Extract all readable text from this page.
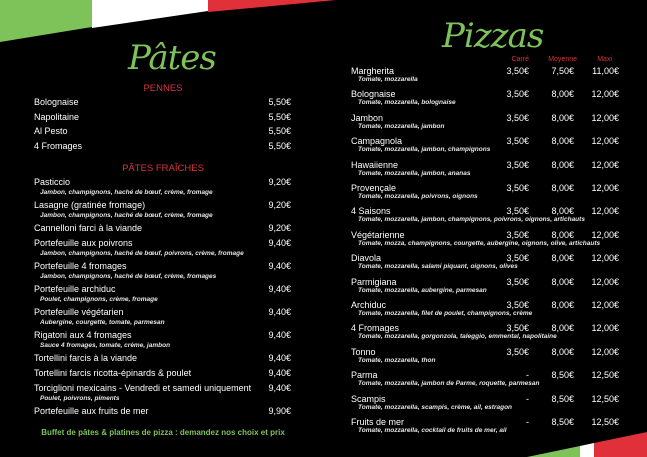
Pâtes
Pizzas
PENNES
Bolognaise	5,50€
Napolitaine	5,50€
Al Pesto	5,50€
4 Fromages	5,50€
PÂTES FRAÎCHES
Pasticcio	9,20€
Jambon, champignons, haché de bœuf, crème, fromage
Lasagne (gratinée fromage)	9,20€
Jambon, champignons, haché de bœuf, crème, fromage
Cannelloni farci à la viande	9,20€
Portefeuille aux poivrons	9,40€
Jambon, champignons, haché de bœuf, poivrons, crème, fromage
Portefeuille 4 fromages	9,40€
Jambon, champignons, haché de bœuf, crème, fromages
Portefeuille archiduc	9,40€
Poulet, champignons, crème, fromage
Portefeuille végétarien	9,40€
Aubergine, courgette, tomate, parmesan
Rigatoni aux 4 fromages	9,40€
Sauce 4 fromages, tomate, crème, jambon
Tortellini farcis à la viande	9,40€
Tortellini farcis ricotta-épinards & poulet	9,40€
Torciglioni mexicains - Vendredi et samedi uniquement 9,40€
Poulet, poivrons, piments
Portefeuille aux fruits de mer	9,90€
Buffet de pâtes & platines de pizza : demandez nos choix et prix
Carré	Moyenne	Maxi
Margherita	3,50€	7,50€	11,00€
Tomate, mozzarella
Bolognaise	3,50€	8,00€	12,00€
Tomate, mozzarella, bolognaise
Jambon	3,50€	8,00€	12,00€
Tomate, mozzarella, jambon
Campagnola	3,50€	8,00€	12,00€
Tomate, mozzarella, jambon, champignons
Hawaiienne	3,50€	8,00€	12,00€
Tomate, mozzarella, jambon, ananas
Provençale	3,50€	8,00€	12,00€
Tomate, mozzarella, poivrons, oignons
4 Saisons	3,50€	8,00€	12,00€
Tomate, mozzarella, jambon, champignons, poivrons, oignons, artichauts
Végétarienne	3,50€	8,00€	12,00€
Tomate, mozza, champignons, courgette, aubergine, oignons, olive, artichauts
Diavola	3,50€	8,00€	12,00€
Tomate, mozzarella, salami piquant, oignons, olives
Parmigiana	3,50€	8,00€	12,00€
Tomate, mozzarella, aubergine, parmesan
Archiduc	3,50€	8,00€	12,00€
Tomate, mozzarella, filet de poulet, champignons, crème
4 Fromages	3,50€	8,00€	12,00€
Tomate, mozzarella, gorgonzola, taleggio, emmental, napolitaine
Tonno	3,50€	8,00€	12,00€
Tomate, mozzarella, thon
Parma	-	8,50€	12,50€
Tomate, mozzarella, jambon de Parme, roquette, parmesan
Scampis	-	8,50€	12,50€
Tomate, mozzarella, scampis, crème, ail, estragon
Fruits de mer	-	8,50€	12,50€
Tomate, mozzarella, cocktail de fruits de mer, ail
